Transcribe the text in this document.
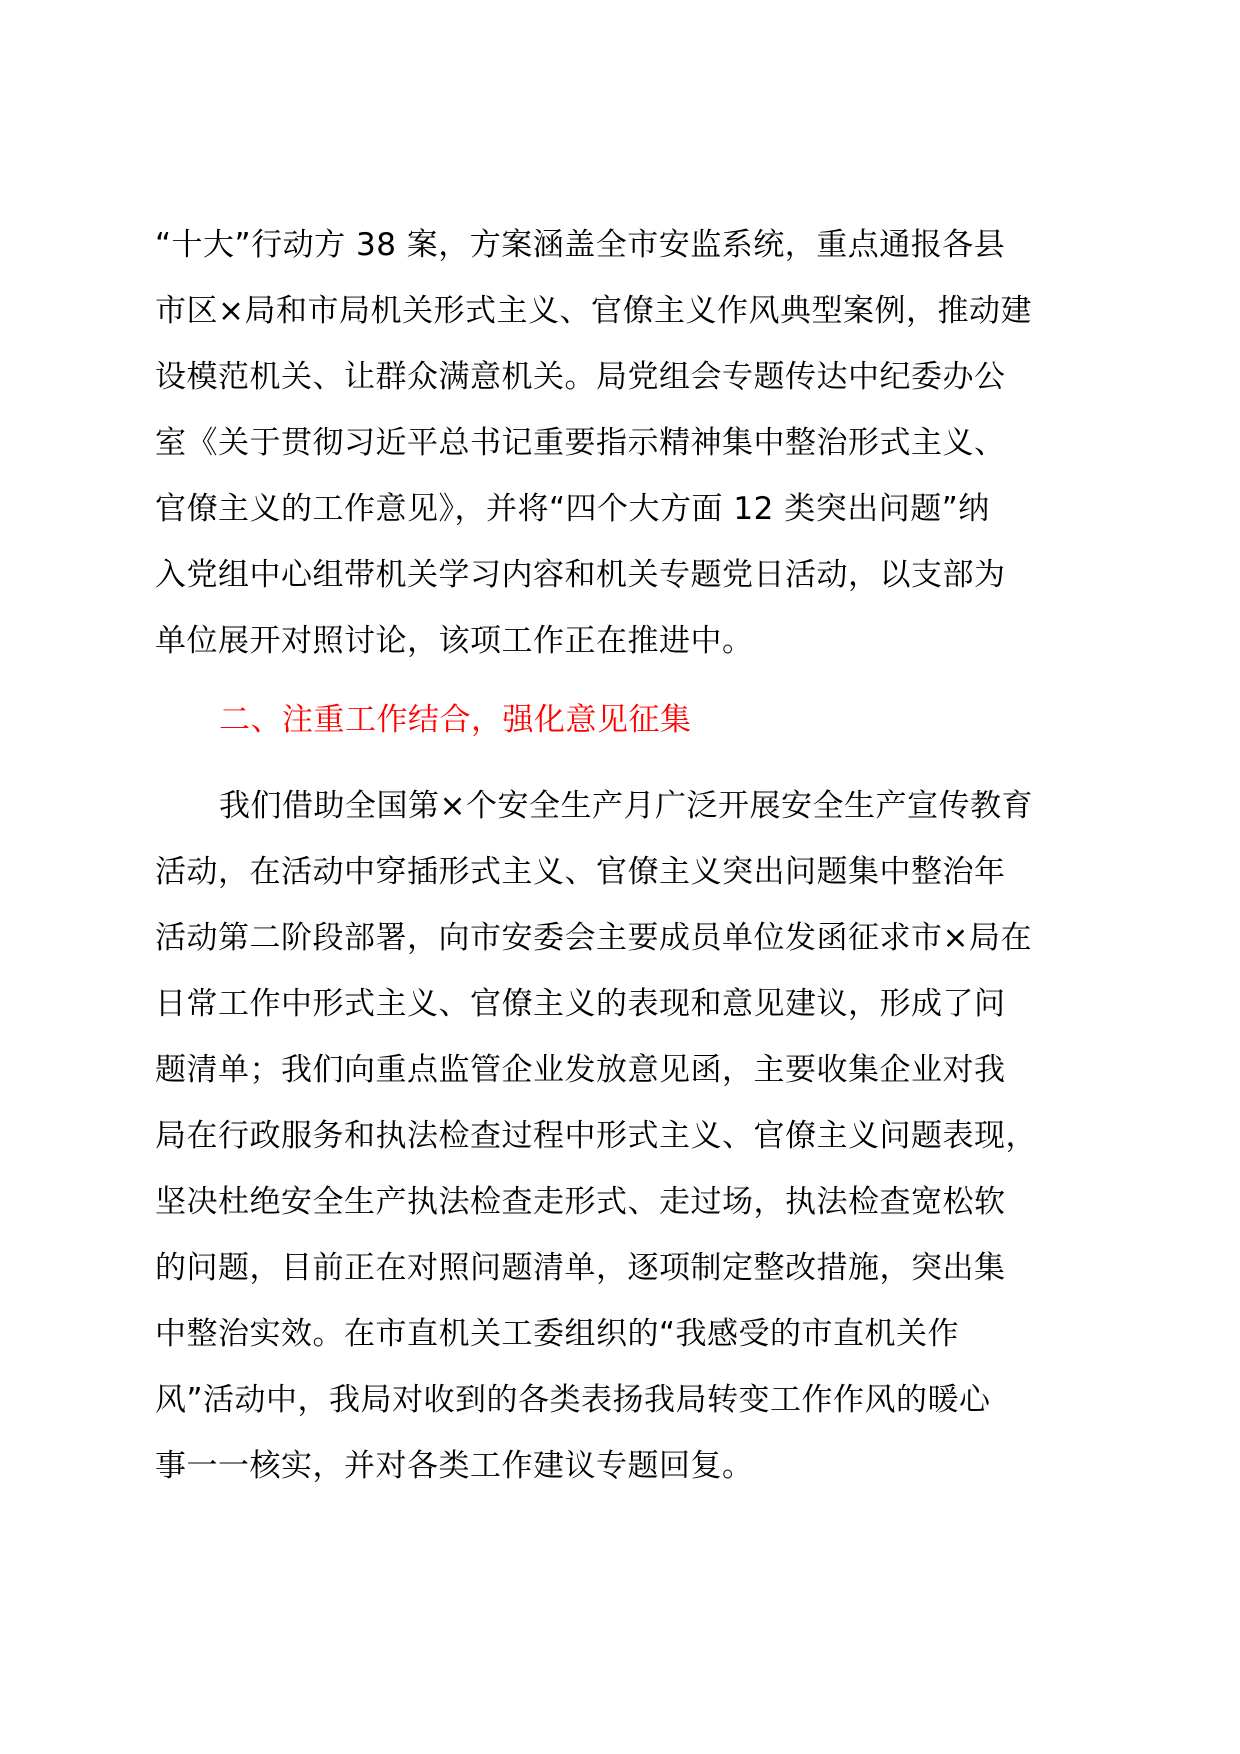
“十大”行动方 38 案，方案涵盖全市安监系统，重点通报各县
市区×局和市局机关形式主义、官僚主义作风典型案例，推动建
设模范机关、让群众满意机关。局党组会专题传达中纪委办公
室《关于贯彻习近平总书记重要指示精神集中整治形式主义、
官僚主义的工作意见》，并将“四个大方面 12 类突出问题”纳
入党组中心组带机关学习内容和机关专题党日活动，以支部为
单位展开对照讨论，该项工作正在推进中。
二、注重工作结合，强化意见征集
我们借助全国第×个安全生产月广泛开展安全生产宣传教育
活动，在活动中穿插形式主义、官僚主义突出问题集中整治年
活动第二阶段部署，向市安委会主要成员单位发函征求市×局在
日常工作中形式主义、官僚主义的表现和意见建议，形成了问
题清单；我们向重点监管企业发放意见函，主要收集企业对我
局在行政服务和执法检查过程中形式主义、官僚主义问题表现，
坚决杜绝安全生产执法检查走形式、走过场，执法检查宽松软
的问题，目前正在对照问题清单，逐项制定整改措施，突出集
中整治实效。在市直机关工委组织的“我感受的市直机关作
风”活动中，我局对收到的各类表扬我局转变工作作风的暖心
事一一核实，并对各类工作建议专题回复。
